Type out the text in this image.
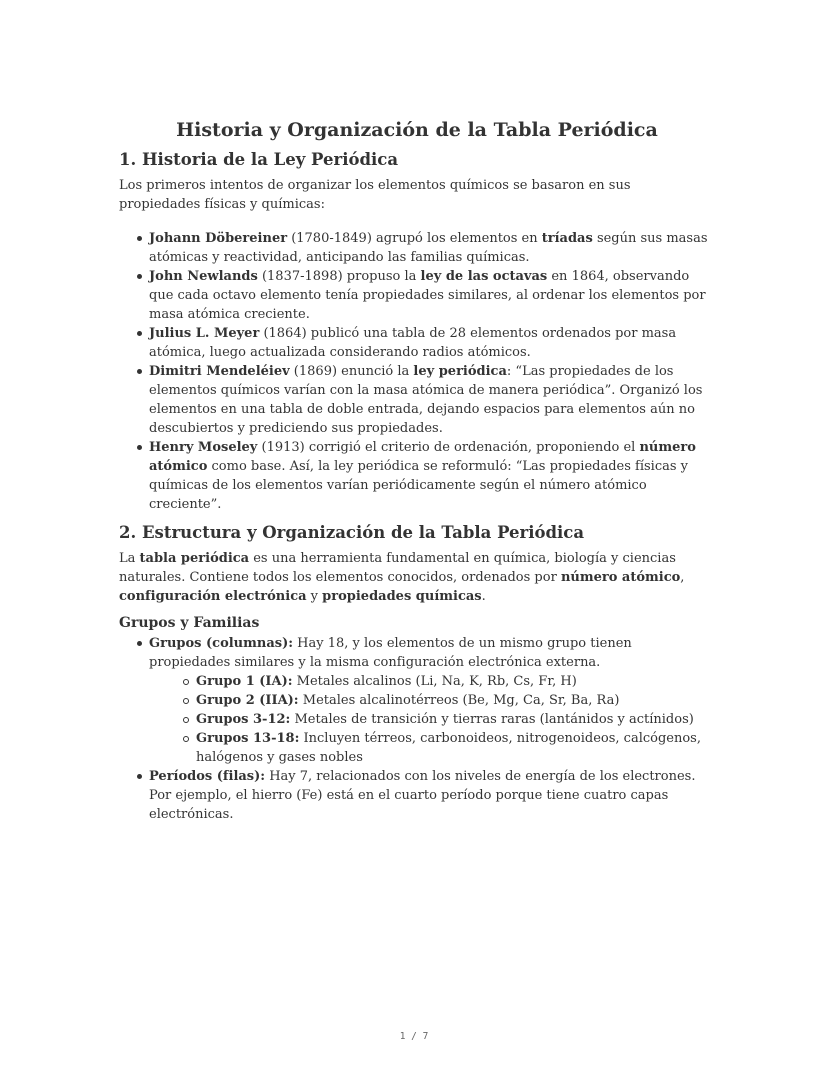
Historia y Organización de la Tabla Periódica
1. Historia de la Ley Periódica

Los primeros intentos de organizar los elementos químicos se basaron en sus propiedades físicas y químicas:

Johann Döbereiner (1780-1849) agrupó los elementos en tríadas según sus masas atómicas y reactividad, anticipando las familias químicas.
John Newlands (1837-1898) propuso la ley de las octavas en 1864, observando que cada octavo elemento tenía propiedades similares, al ordenar los elementos por masa atómica creciente.
Julius L. Meyer (1864) publicó una tabla de 28 elementos ordenados por masa atómica, luego actualizada considerando radios atómicos.
Dimitri Mendeléiev (1869) enunció la ley periódica: “Las propiedades de los elementos químicos varían con la masa atómica de manera periódica”. Organizó los elementos en una tabla de doble entrada, dejando espacios para elementos aún no descubiertos y prediciendo sus propiedades.
Henry Moseley (1913) corrigió el criterio de ordenación, proponiendo el número atómico como base. Así, la ley periódica se reformuló: “Las propiedades físicas y químicas de los elementos varían periódicamente según el número atómico creciente”.
2. Estructura y Organización de la Tabla Periódica

La tabla periódica es una herramienta fundamental en química, biología y ciencias naturales. Contiene todos los elementos conocidos, ordenados por número atómico, configuración electrónica y propiedades químicas.

Grupos y Familias
Grupos (columnas): Hay 18, y los elementos de un mismo grupo tienen propiedades similares y la misma configuración electrónica externa.
Grupo 1 (IA): Metales alcalinos (Li, Na, K, Rb, Cs, Fr, H)
Grupo 2 (IIA): Metales alcalinotérreos (Be, Mg, Ca, Sr, Ba, Ra)
Grupos 3-12: Metales de transición y tierras raras (lantánidos y actínidos)
Grupos 13-18: Incluyen térreos, carbonoideos, nitrogenoideos, calcógenos, halógenos y gases nobles
Períodos (filas): Hay 7, relacionados con los niveles de energía de los electrones. Por ejemplo, el hierro (Fe) está en el cuarto período porque tiene cuatro capas electrónicas.
1 / 7
